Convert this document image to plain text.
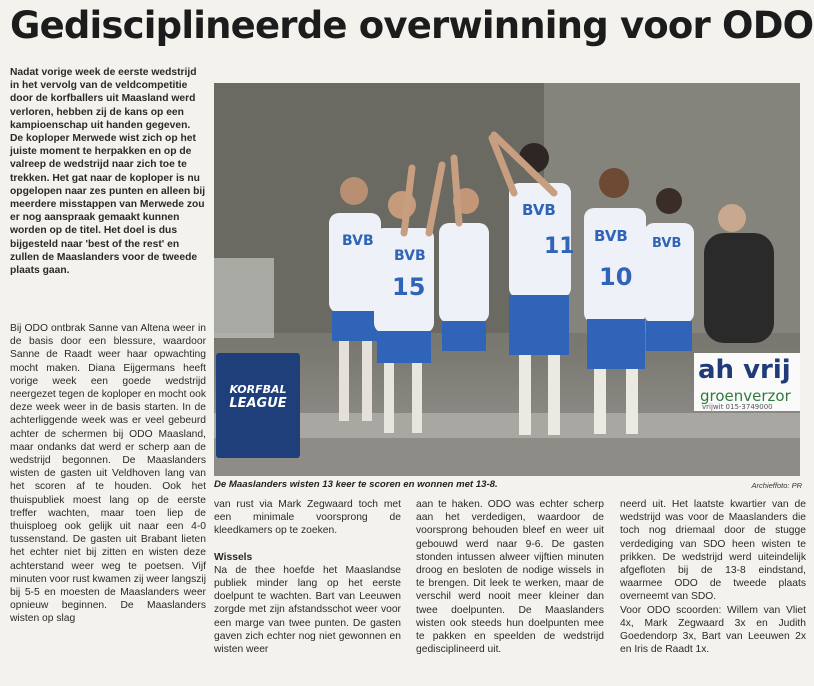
Gedisciplineerde overwinning voor ODO
Nadat vorige week de eerste wedstrijd in het vervolg van de veldcompetitie door de korfballers uit Maasland werd verloren, hebben zij de kans op een kampioenschap uit handen gegeven. De koploper Merwede wist zich op het juiste moment te herpakken en op de valreep de wedstrijd naar zich toe te trekken. Het gat naar de koploper is nu opgelopen naar zes punten en alleen bij meerdere misstappen van Merwede zou er nog aanspraak gemaakt kunnen worden op de titel. Het doel is dus bijgesteld naar 'best of the rest' en zullen de Maaslanders voor de tweede plaats gaan.

Bij ODO ontbrak Sanne van Altena weer in de basis door een blessure, waardoor Sanne de Raadt weer haar opwachting mocht maken. Diana Eijgermans heeft vorige week een goede wedstrijd neergezet tegen de koploper en mocht ook deze week weer in de basis starten. In de achterliggende week was er veel gebeurd achter de schermen bij ODO Maasland, maar ondanks dat werd er scherp aan de wedstrijd begonnen. De Maaslanders wisten de gasten uit Veldhoven lang van het scoren af te houden. Ook het thuispubliek moest lang op de eerste treffer wachten, maar toen liep de thuisploeg ook gelijk uit naar een 4-0 tussenstand. De gasten uit Brabant lieten het echter niet bij zitten en wisten deze achterstand weer weg te poetsen. Vijf minuten voor rust kwamen zij weer langszij bij 5-5 en moesten de Maaslanders weer opnieuw beginnen. De Maaslanders wisten op slag

BVB
BVB
15
BVB
11 BVB
10
BVB
KORFBAL
LEAGUE
ah vrij
groenverzor
vrijwit 015-3749000
De Maaslanders wisten 13 keer te scoren en wonnen met 13-8.	Archieffoto: PR

van rust via Mark Zegwaard toch met een minimale voorsprong de kleedkamers op te zoeken.

Wissels

Na de thee hoefde het Maaslandse publiek minder lang op het eerste doelpunt te wachten. Bart van Leeuwen zorgde met zijn afstandsschot weer voor een marge van twee punten. De gasten gaven zich echter nog niet gewonnen en wisten weer

aan te haken. ODO was echter scherp aan het verdedigen, waardoor de voorsprong behouden bleef en weer uit gebouwd werd naar 9-6. De gasten stonden intussen alweer vijftien minuten droog en besloten de nodige wissels in te brengen. Dit leek te werken, maar de verschil werd nooit meer kleiner dan twee doelpunten. De Maaslanders wisten ook steeds hun doelpunten mee te pakken en speelden de wedstrijd gedisciplineerd uit.

neerd uit. Het laatste kwartier van de wedstrijd was voor de Maaslanders die toch nog driemaal door de stugge verdediging van SDO heen wisten te prikken. De wedstrijd werd uiteindelijk afgefloten bij de 13-8 eindstand, waarmee ODO de tweede plaats overneemt van SDO.

Voor ODO scoorden: Willem van Vliet 4x, Mark Zegwaard 3x en Judith Goedendorp 3x, Bart van Leeuwen 2x en Iris de Raadt 1x.
